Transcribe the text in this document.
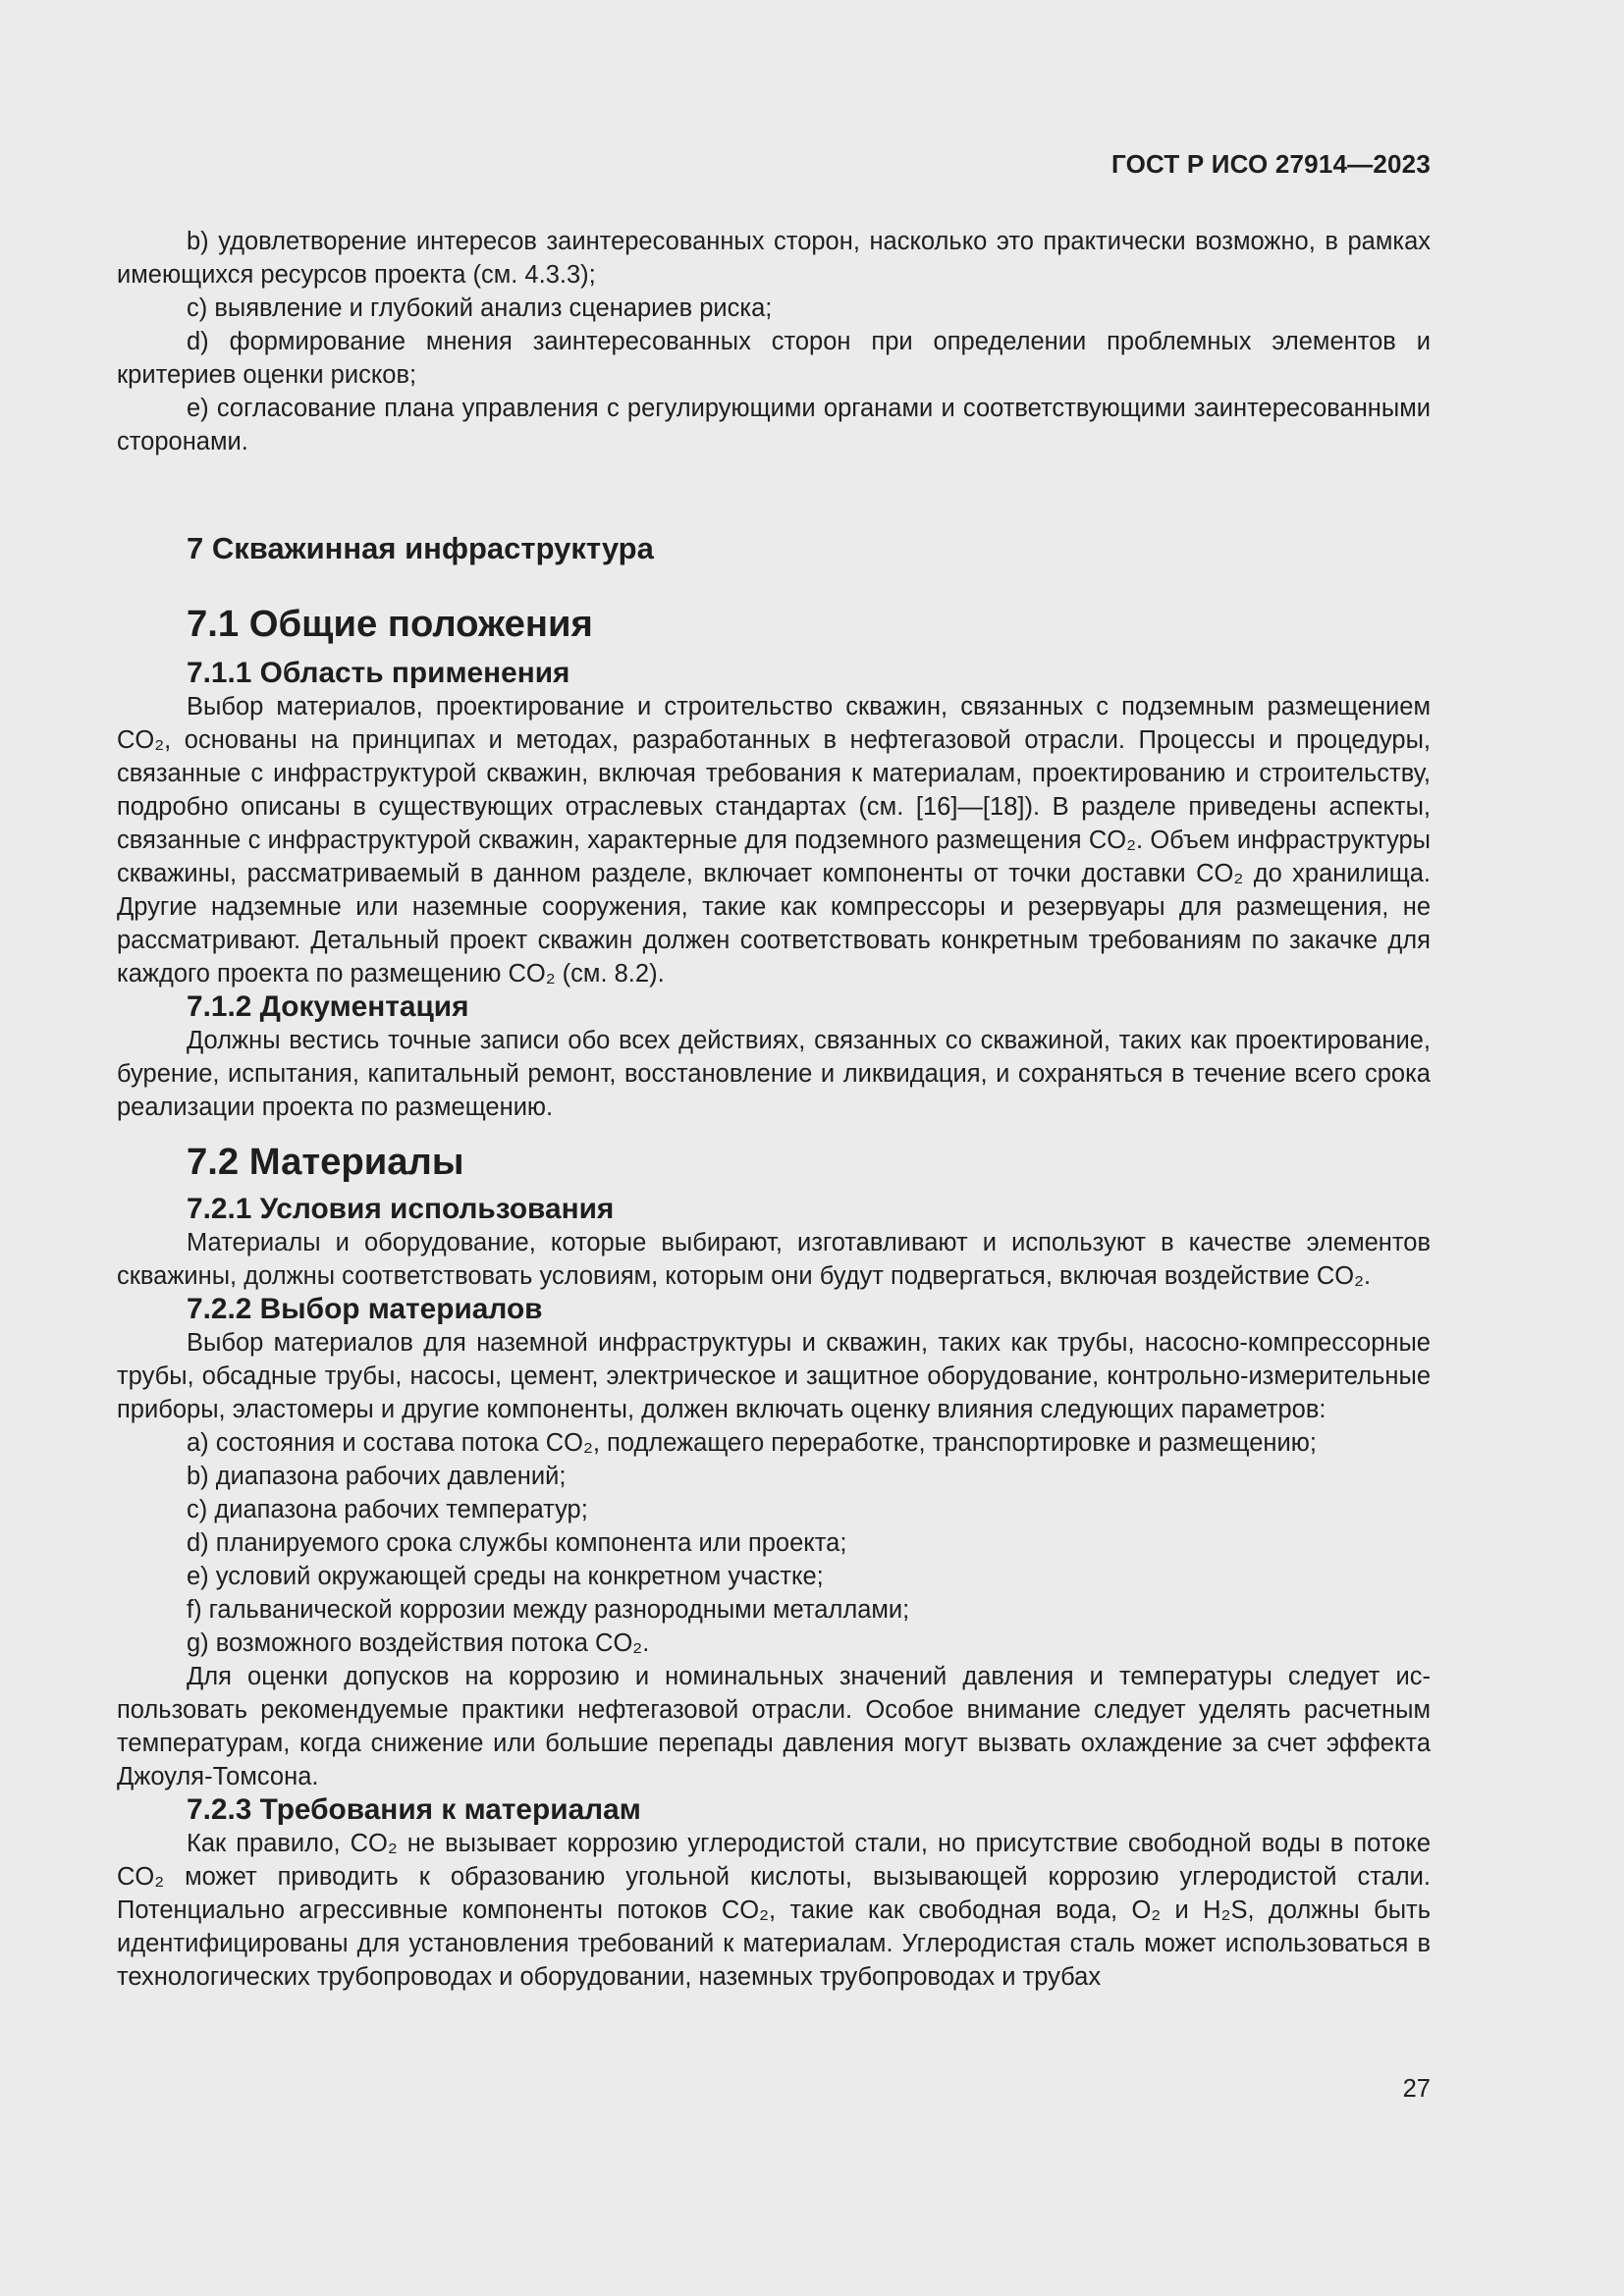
ГОСТ Р ИСО 27914—2023

b) удовлетворение интересов заинтересованных сторон, насколько это практически возможно, в рамках имеющихся ресурсов проекта (см. 4.3.3);

c) выявление и глубокий анализ сценариев риска;

d) формирование мнения заинтересованных сторон при определении проблемных элементов и критериев оценки рисков;

e) согласование плана управления с регулирующими органами и соответствующими заинтересованными сторонами.

7 Скважинная инфраструктура
7.1 Общие положения
7.1.1 Область применения

Выбор материалов, проектирование и строительство скважин, связанных с подземным размещением CO₂, основаны на принципах и методах, разработанных в нефтегазовой отрасли. Процессы и процедуры, связанные с инфраструктурой скважин, включая требования к материалам, проектированию и строительству, подробно описаны в существующих отраслевых стандартах (см. [16]—[18]). В разделе приведены аспекты, связанные с инфраструктурой скважин, характерные для подземного размещения CO₂. Объем инфраструктуры скважины, рассматриваемый в данном разделе, включает компоненты от точки доставки CO₂ до хранилища. Другие надземные или наземные сооружения, такие как компрессоры и резервуары для размещения, не рассматривают. Детальный проект скважин должен соответствовать конкретным требованиям по закачке для каждого проекта по размещению CO₂ (см. 8.2).

7.1.2 Документация

Должны вестись точные записи обо всех действиях, связанных со скважиной, таких как проектирование, бурение, испытания, капитальный ремонт, восстановление и ликвидация, и сохраняться в течение всего срока реализации проекта по размещению.

7.2 Материалы
7.2.1 Условия использования

Материалы и оборудование, которые выбирают, изготавливают и используют в качестве элементов скважины, должны соответствовать условиям, которым они будут подвергаться, включая воздействие CO₂.

7.2.2 Выбор материалов

Выбор материалов для наземной инфраструктуры и скважин, таких как трубы, насосно-компрессорные трубы, обсадные трубы, насосы, цемент, электрическое и защитное оборудование, контрольно-измерительные приборы, эластомеры и другие компоненты, должен включать оценку влияния следующих параметров:

a) состояния и состава потока CO₂, подлежащего переработке, транспортировке и размещению;

b) диапазона рабочих давлений;

c) диапазона рабочих температур;

d) планируемого срока службы компонента или проекта;

e) условий окружающей среды на конкретном участке;

f) гальванической коррозии между разнородными металлами;

g) возможного воздействия потока CO₂.

Для оценки допусков на коррозию и номинальных значений давления и температуры следует использовать рекомендуемые практики нефтегазовой отрасли. Особое внимание следует уделять расчетным температурам, когда снижение или большие перепады давления могут вызвать охлаждение за счет эффекта Джоуля-Томсона.

7.2.3 Требования к материалам

Как правило, CO₂ не вызывает коррозию углеродистой стали, но присутствие свободной воды в потоке CO₂ может приводить к образованию угольной кислоты, вызывающей коррозию углеродистой стали. Потенциально агрессивные компоненты потоков CO₂, такие как свободная вода, O₂ и H₂S, должны быть идентифицированы для установления требований к материалам. Углеродистая сталь может использоваться в технологических трубопроводах и оборудовании, наземных трубопроводах и трубах

27
